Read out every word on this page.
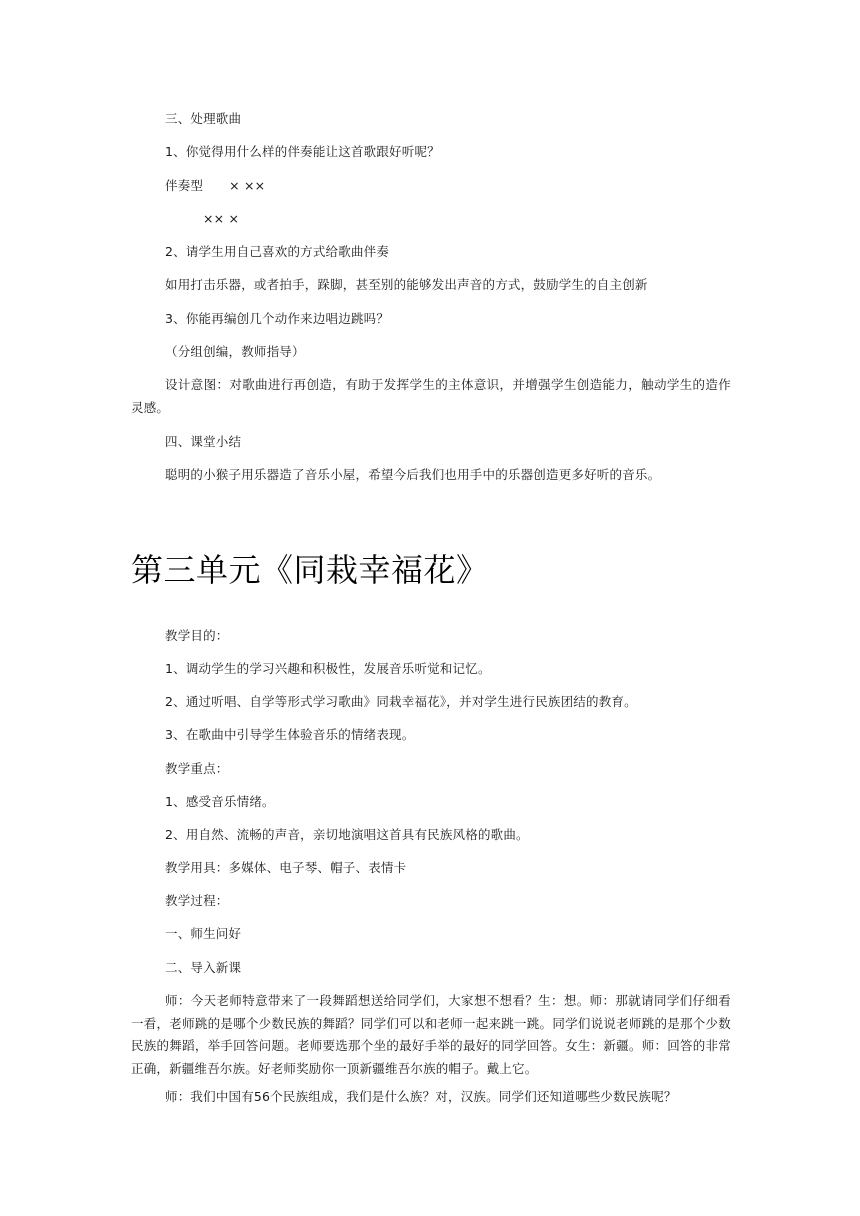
三、处理歌曲
1、你觉得用什么样的伴奏能让这首歌跟好听呢？
伴奏型 × ××
×× ×
2、请学生用自己喜欢的方式给歌曲伴奏
如用打击乐器，或者拍手，跺脚，甚至别的能够发出声音的方式，鼓励学生的自主创新
3、你能再编创几个动作来边唱边跳吗？
（分组创编，教师指导）
设计意图：对歌曲进行再创造，有助于发挥学生的主体意识，并增强学生创造能力，触动学生的造作灵感。
四、课堂小结
聪明的小猴子用乐器造了音乐小屋，希望今后我们也用手中的乐器创造更多好听的音乐。
第三单元《同栽幸福花》
教学目的：
1、调动学生的学习兴趣和积极性，发展音乐听觉和记忆。
2、通过听唱、自学等形式学习歌曲》同栽幸福花》，并对学生进行民族团结的教育。
3、在歌曲中引导学生体验音乐的情绪表现。
教学重点：
1、感受音乐情绪。
2、用自然、流畅的声音，亲切地演唱这首具有民族风格的歌曲。
教学用具：多媒体、电子琴、帽子、表情卡
教学过程：
一、师生问好
二、导入新课
师：今天老师特意带来了一段舞蹈想送给同学们，大家想不想看？生：想。师：那就请同学们仔细看一看，老师跳的是哪个少数民族的舞蹈？同学们可以和老师一起来跳一跳。同学们说说老师跳的是那个少数民族的舞蹈，举手回答问题。老师要选那个坐的最好手举的最好的同学回答。女生：新疆。师：回答的非常正确，新疆维吾尔族。好老师奖励你一顶新疆维吾尔族的帽子。戴上它。
师：我们中国有56个民族组成，我们是什么族？对，汉族。同学们还知道哪些少数民族呢？
